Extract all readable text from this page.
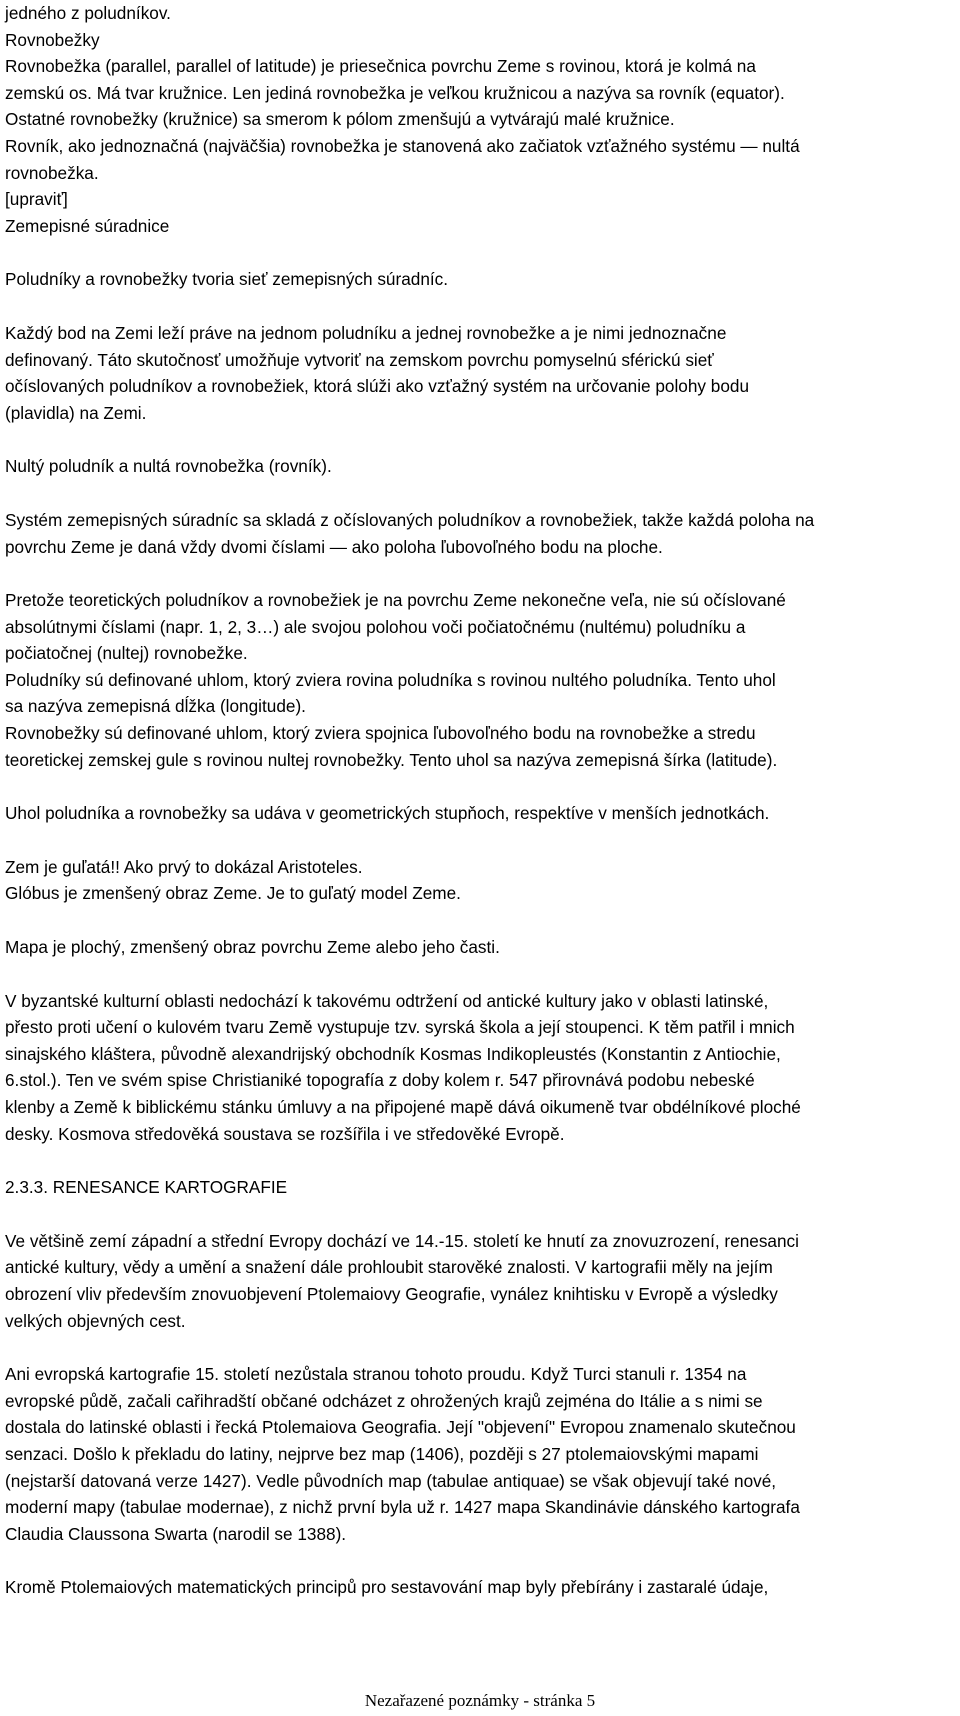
jedného z poludníkov.
Rovnobežky
Rovnobežka (parallel, parallel of latitude) je priesečnica povrchu Zeme s rovinou, ktorá je kolmá na
zemskú os. Má tvar kružnice. Len jediná rovnobežka je veľkou kružnicou a nazýva sa rovník (equator).
Ostatné rovnobežky (kružnice) sa smerom k pólom zmenšujú a vytvárajú malé kružnice.
Rovník, ako jednoznačná (najväčšia) rovnobežka je stanovená ako začiatok vzťažného systému — nultá
rovnobežka.
[upraviť]
Zemepisné súradnice
Poludníky a rovnobežky tvoria sieť zemepisných súradníc.
Každý bod na Zemi leží práve na jednom poludníku a jednej rovnobežke a je nimi jednoznačne
definovaný. Táto skutočnosť umožňuje vytvoriť na zemskom povrchu pomyselnú sférickú sieť
očíslovaných poludníkov a rovnobežiek, ktorá slúži ako vzťažný systém na určovanie polohy bodu
(plavidla) na Zemi.
Nultý poludník a nultá rovnobežka (rovník).
Systém zemepisných súradníc sa skladá z očíslovaných poludníkov a rovnobežiek, takže každá poloha na
povrchu Zeme je daná vždy dvomi číslami — ako poloha ľubovoľného bodu na ploche.
Pretože teoretických poludníkov a rovnobežiek je na povrchu Zeme nekonečne veľa, nie sú očíslované
absolútnymi číslami (napr. 1, 2, 3…) ale svojou polohou voči počiatočnému (nultému) poludníku a
počiatočnej (nultej) rovnobežke.
Poludníky sú definované uhlom, ktorý zviera rovina poludníka s rovinou nultého poludníka. Tento uhol
sa nazýva zemepisná dĺžka (longitude).
Rovnobežky sú definované uhlom, ktorý zviera spojnica ľubovoľného bodu na rovnobežke a stredu
teoretickej zemskej gule s rovinou nultej rovnobežky. Tento uhol sa nazýva zemepisná šírka (latitude).
Uhol poludníka a rovnobežky sa udáva v geometrických stupňoch, respektíve v menších jednotkách.
Zem je guľatá!! Ako prvý to dokázal Aristoteles.
Glóbus je zmenšený obraz Zeme. Je to guľatý model Zeme.
Mapa je plochý, zmenšený obraz povrchu Zeme alebo jeho časti.
V byzantské kulturní oblasti nedochází k takovému odtržení od antické kultury jako v oblasti latinské,
přesto proti učení o kulovém tvaru Země vystupuje tzv. syrská škola a její stoupenci. K těm patřil i mnich
sinajského kláštera, původně alexandrijský obchodník Kosmas Indikopleustés (Konstantin z Antiochie,
6.stol.). Ten ve svém spise Christianiké topografía z doby kolem r. 547 přirovnává podobu nebeské
klenby a Země k biblickému stánku úmluvy a na připojené mapě dává oikumeně tvar obdélníkové ploché
desky. Kosmova středověká soustava se rozšířila i ve středověké Evropě.
2.3.3. RENESANCE KARTOGRAFIE
Ve většině zemí západní a střední Evropy dochází ve 14.-15. století ke hnutí za znovuzrození, renesanci
antické kultury, vědy a umění a snažení dále prohloubit starověké znalosti. V kartografii měly na jejím
obrození vliv především znovuobjevení Ptolemaiovy Geografie, vynález knihtisku v Evropě a výsledky
velkých objevných cest.
Ani evropská kartografie 15. století nezůstala stranou tohoto proudu. Když Turci stanuli r. 1354 na
evropské půdě, začali cařihradští občané odcházet z ohrožených krajů zejména do Itálie a s nimi se
dostala do latinské oblasti i řecká Ptolemaiova Geografia. Její "objevení" Evropou znamenalo skutečnou
senzaci. Došlo k překladu do latiny, nejprve bez map (1406), později s 27 ptolemaiovskými mapami
(nejstarší datovaná verze 1427). Vedle původních map (tabulae antiquae) se však objevují také nové,
moderní mapy (tabulae modernae), z nichž první byla už r. 1427 mapa Skandinávie dánského kartografa
Claudia Claussona Swarta (narodil se 1388).
Kromě Ptolemaiových matematických principů pro sestavování map byly přebírány i zastaralé údaje,
Nezařazené poznámky - stránka 5
